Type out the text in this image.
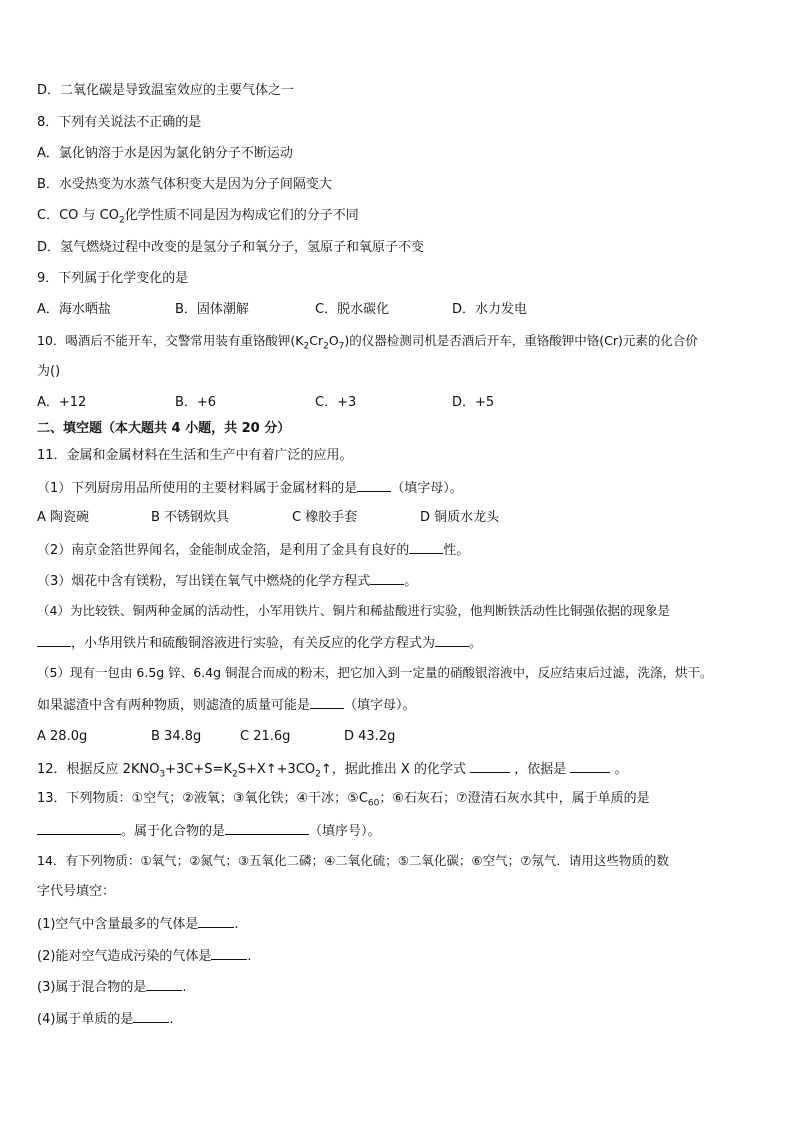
D．二氧化碳是导致温室效应的主要气体之一
8．下列有关说法不正确的是
A．氯化钠溶于水是因为氯化钠分子不断运动
B．水受热变为水蒸气体积变大是因为分子间隔变大
C．CO 与 $CO_2$化学性质不同是因为构成它们的分子不同
D．氢气燃烧过程中改变的是氢分子和氧分子，氢原子和氧原子不变
9．下列属于化学变化的是
A．海水晒盐	B．固体潮解	C．脱水碳化	D．水力发电
10．喝酒后不能开车，交警常用装有重铬酸钾$(K_2Cr_2O_7)$的仪器检测司机是否酒后开车，重铬酸钾中铬(Cr)元素的化合价
为()
A．+12	B．+6	C．+3	D．+5
二、填空题（本大题共 4 小题，共 20 分）
11．金属和金属材料在生活和生产中有着广泛的应用。
（1）下列厨房用品所使用的主要材料属于金属材料的是	（填字母）。
A 陶瓷碗	B 不锈钢炊具	C 橡胶手套	D 铜质水龙头
（2）南京金箔世界闻名，金能制成金箔，是利用了金具有良好的	性。
（3）烟花中含有镁粉，写出镁在氧气中燃烧的化学方程式	。
（4）为比较铁、铜两种金属的活动性，小军用铁片、铜片和稀盐酸进行实验，他判断铁活动性比铜强依据的现象是
，小华用铁片和硫酸铜溶液进行实验，有关反应的化学方程式为	。
（5）现有一包由 6.5g 锌、6.4g 铜混合而成的粉末，把它加入到一定量的硝酸银溶液中，反应结束后过滤，洗涤，烘干。
如果滤渣中含有两种物质，则滤渣的质量可能是	（填字母）。
A 28.0g	B 34.8g	C 21.6g	D 43.2g
12．根据反应 $2KNO_3+3C+S=K_2S+X↑+3CO_2↑$，据此推出 X 的化学式	，依据是	。
13．下列物质：①空气；②液氧；③氧化铁；④干冰；$⑤C_{60}$；⑥石灰石；⑦澄清石灰水其中，属于单质的是
。属于化合物的是	（填序号）。
14．有下列物质：①氧气；②氮气；③五氧化二磷；④二氧化硫；⑤二氧化碳；⑥空气；⑦氖气．请用这些物质的数
字代号填空：
(1)空气中含量最多的气体是	.
(2)能对空气造成污染的气体是	.
(3)属于混合物的是	.
(4)属于单质的是	.
